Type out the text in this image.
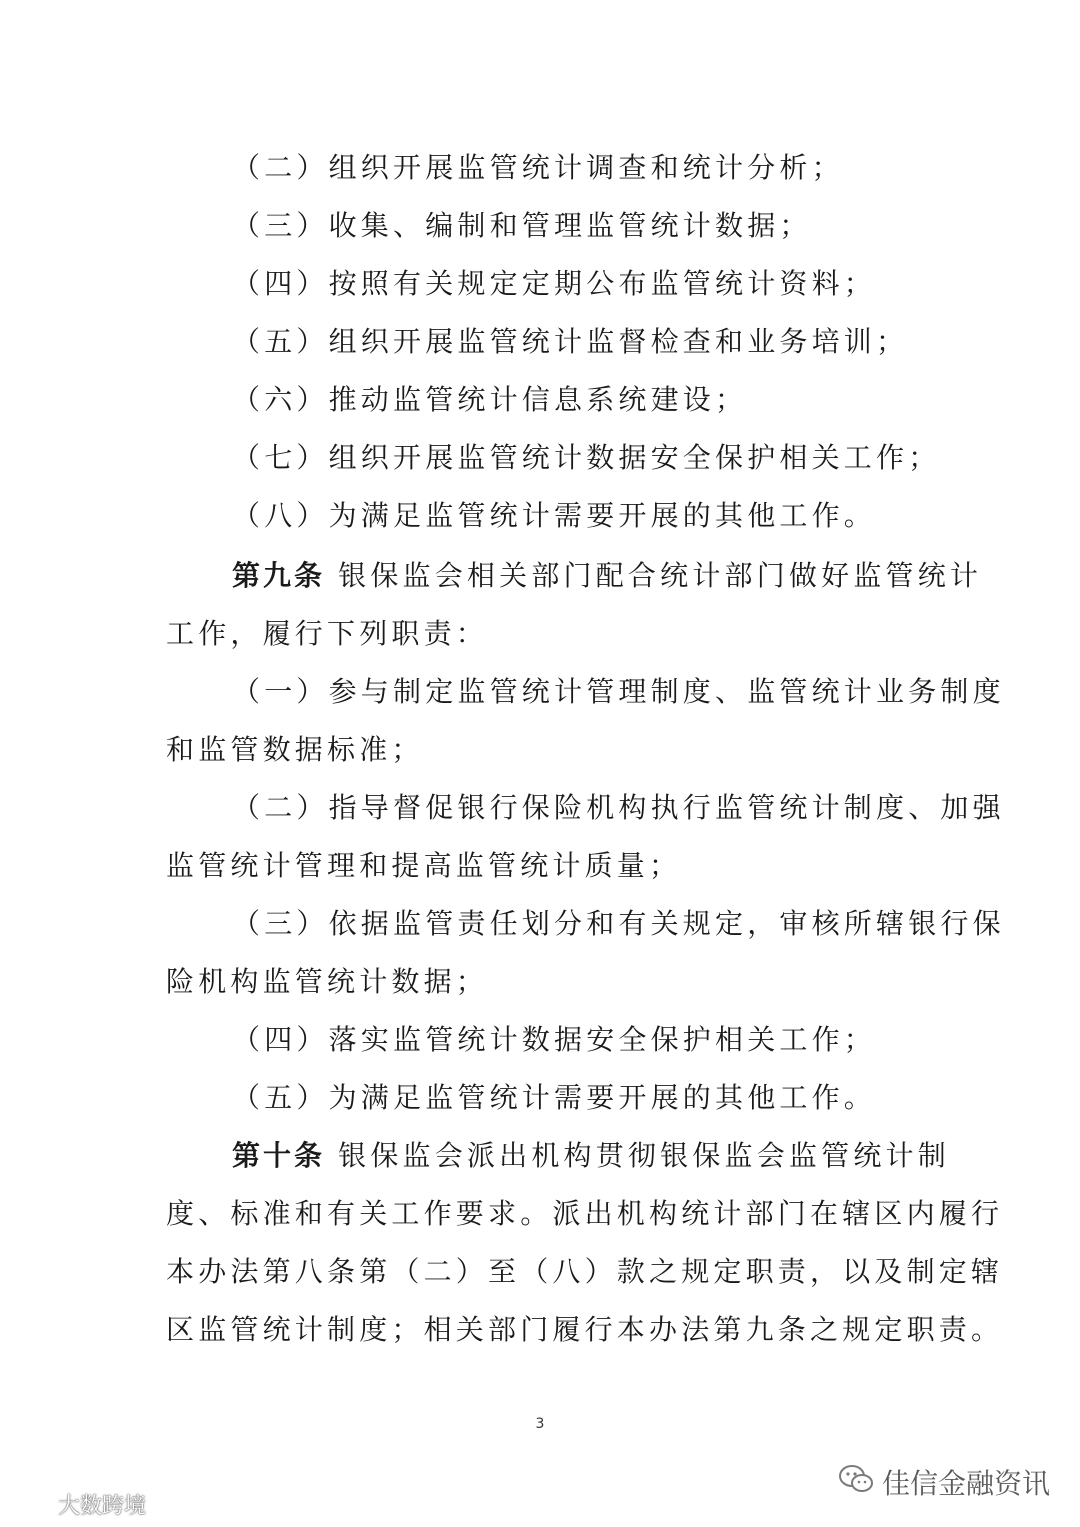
（二）组织开展监管统计调查和统计分析；
（三）收集、编制和管理监管统计数据；
（四）按照有关规定定期公布监管统计资料；
（五）组织开展监管统计监督检查和业务培训；
（六）推动监管统计信息系统建设；
（七）组织开展监管统计数据安全保护相关工作；
（八）为满足监管统计需要开展的其他工作。
第九条 银保监会相关部门配合统计部门做好监管统计
工作，履行下列职责：
（一）参与制定监管统计管理制度、监管统计业务制度
和监管数据标准；
（二）指导督促银行保险机构执行监管统计制度、加强
监管统计管理和提高监管统计质量；
（三）依据监管责任划分和有关规定，审核所辖银行保
险机构监管统计数据；
（四）落实监管统计数据安全保护相关工作；
（五）为满足监管统计需要开展的其他工作。
第十条 银保监会派出机构贯彻银保监会监管统计制
度、标准和有关工作要求。派出机构统计部门在辖区内履行
本办法第八条第（二）至（八）款之规定职责，以及制定辖
区监管统计制度；相关部门履行本办法第九条之规定职责。
3
佳信金融资讯
大数跨境
